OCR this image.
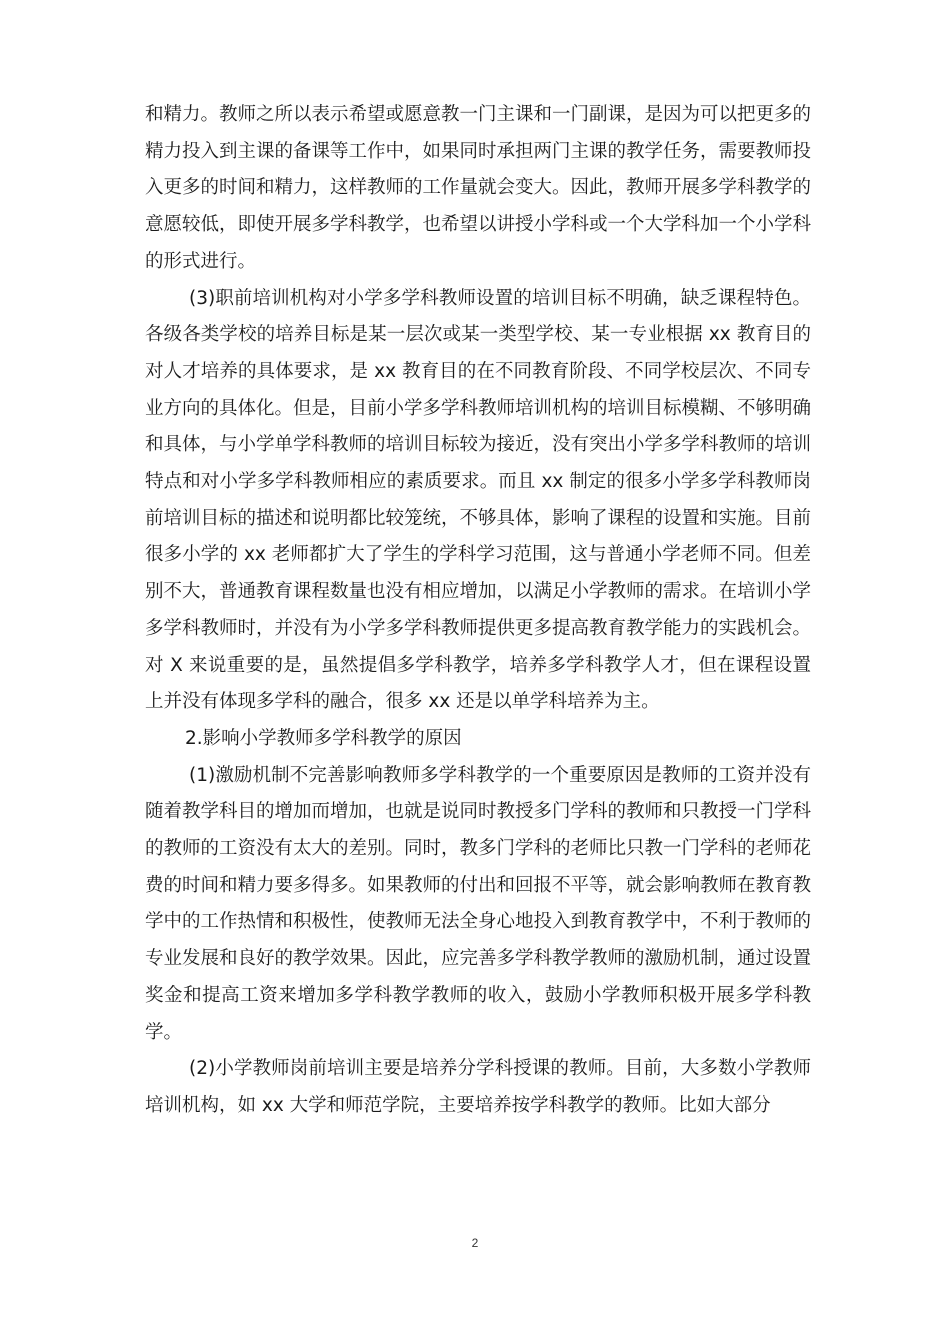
和精力。教师之所以表示希望或愿意教一门主课和一门副课，是因为可以把更多的精力投入到主课的备课等工作中，如果同时承担两门主课的教学任务，需要教师投入更多的时间和精力，这样教师的工作量就会变大。因此，教师开展多学科教学的意愿较低，即使开展多学科教学，也希望以讲授小学科或一个大学科加一个小学科的形式进行。

(3)职前培训机构对小学多学科教师设置的培训目标不明确，缺乏课程特色。各级各类学校的培养目标是某一层次或某一类型学校、某一专业根据 xx 教育目的对人才培养的具体要求，是 xx 教育目的在不同教育阶段、不同学校层次、不同专业方向的具体化。但是，目前小学多学科教师培训机构的培训目标模糊、不够明确和具体，与小学单学科教师的培训目标较为接近，没有突出小学多学科教师的培训特点和对小学多学科教师相应的素质要求。而且 xx 制定的很多小学多学科教师岗前培训目标的描述和说明都比较笼统，不够具体，影响了课程的设置和实施。目前很多小学的 xx 老师都扩大了学生的学科学习范围，这与普通小学老师不同。但差别不大，普通教育课程数量也没有相应增加，以满足小学教师的需求。在培训小学多学科教师时，并没有为小学多学科教师提供更多提高教育教学能力的实践机会。对 X 来说重要的是，虽然提倡多学科教学，培养多学科教学人才，但在课程设置上并没有体现多学科的融合，很多 xx 还是以单学科培养为主。

2.影响小学教师多学科教学的原因

(1)激励机制不完善影响教师多学科教学的一个重要原因是教师的工资并没有随着教学科目的增加而增加，也就是说同时教授多门学科的教师和只教授一门学科的教师的工资没有太大的差别。同时，教多门学科的老师比只教一门学科的老师花费的时间和精力要多得多。如果教师的付出和回报不平等，就会影响教师在教育教学中的工作热情和积极性，使教师无法全身心地投入到教育教学中，不利于教师的专业发展和良好的教学效果。因此，应完善多学科教学教师的激励机制，通过设置奖金和提高工资来增加多学科教学教师的收入，鼓励小学教师积极开展多学科教学。

(2)小学教师岗前培训主要是培养分学科授课的教师。目前，大多数小学教师培训机构，如 xx 大学和师范学院，主要培养按学科教学的教师。比如大部分

2
